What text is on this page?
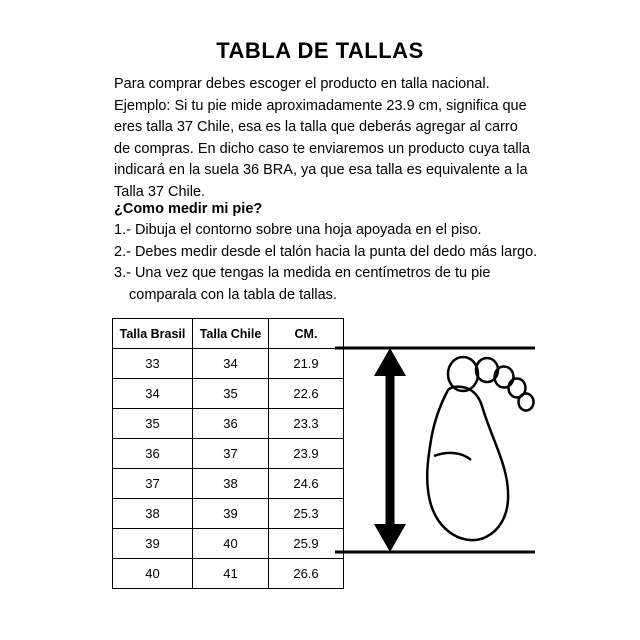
TABLA DE TALLAS

Para comprar debes escoger el producto en talla nacional.

Ejemplo: Si tu pie mide aproximadamente 23.9 cm, significa que eres talla 37 Chile, esa es la talla que deberás agregar al carro de compras. En dicho caso te enviaremos un producto cuya talla indicará en la suela 36 BRA, ya que esa talla es equivalente a la Talla 37 Chile.

¿Como medir mi pie?

1.- Dibuja el contorno sobre una hoja apoyada en el piso.

2.- Debes medir desde el talón hacia la punta del dedo más largo.

3.- Una vez que tengas la medida en centímetros de tu pie

comparala con la tabla de tallas.

Talla Brasil	Talla Chile	CM.
33	34	21.9
34	35	22.6
35	36	23.3
36	37	23.9
37	38	24.6
38	39	25.3
39	40	25.9
40	41	26.6
